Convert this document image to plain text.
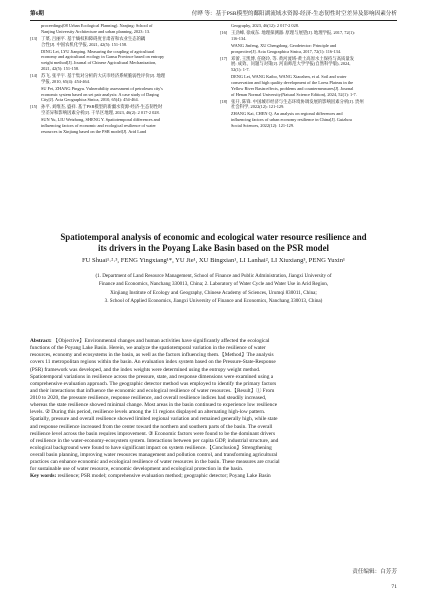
第6期	付晔 等：基于PSR模型的鄱阳湖流域水资源-经济-生态韧性时空差异及影响因素分析
proceedings(08 Urban Ecological Planning). Nanjing: School of
Nanjing University Architecture and urban planning, 2023: 13.
[13] 丁菜, 吕丽平. 基于熵权和障碍度甘肃省和农业生态的耦
合性[J]. 中国农机化学报, 2021, 42(5): 151-158.
DING Lei, LYU Jianping. Measuring the coupling of agricultural
economy and agricultural ecology in Gansu Province based on entropy
weight method[J]. Journal of Chinese Agricultural Mechanization,
2021, 42(5): 151-158.
[14] 苏飞, 张平宇. 基于集对分析的大庆市经济系统脆弱性评价[J]. 地理
学报, 2010, 65(4): 454-464.
SU Fei, ZHANG Pingyu. Vulnerability assessment of petroleum city's
economic system based on set pair analysis: A case study of Daqing
City[J]. Acta Geographica Sinica, 2010, 65(4): 454-464.
[15] 孙平, 刘维杰, 盛祥. 基于PSR模型的新疆水资源-经济-生态韧性时
空差异和影响因素分析[J]. 干旱区地理, 2023, 46(2): 2 017-2 028.
SUN Yu, LIU Weizhong, SHENG Y. Spatiotemporal differences and
influencing factors of economic and ecological resilience of water
resources in Xinjiang based on the PSR model[J]. Arid Land
Geography, 2023, 46(12): 2 017-2 028.
[16] 王劲峰, 徐成东. 地理探测器: 原理与展望[J]. 地理学报, 2017, 72(1):
116-134.
WANG Jinfeng, XU Chengdong. Geodetector: Principle and
prospective[J]. Acta Geographica Sinica, 2017, 72(1): 116-134.
[17] 邓蕾, 王凯博, 任晓玲, 等. 黄河流域-黄土高原水土保持与高质量发
展: 成效、问题与对策[J]. 河南师范大学学报(自然科学版), 2024,
52(1): 1-7.
DENG Lei, WANG Kaibo, WANG Xiaozhen, et al. Soil and water
conservation and high quality development of the Loess Plateau in the
Yellow River Basin:effects, problems and countermeasures[J]. Journal
of Henan Normal University(Natural Science Edition), 2024, 52(1): 1-7.
[18] 张开, 陈锋. 中国城市经济与生态环境协调发展的影响因素分析[J]. 贵州
社会科学, 2022(12): 121-129.
ZHANG Kai, CHEN Q. An analysis on regional differences and
influencing factors of urban economy resilience in China[J]. Guizhou
Social Sciences, 2022(12): 121-129.
Spatiotemporal analysis of economic and ecological water resource resilience and
its drivers in the Poyang Lake Basin based on the PSR model
FU Shuai¹˒²˒³, FENG Yingxiang¹*, YU Jie¹, XU Bingxian¹, LI Lanhai², LI Xiuxiang³, PENG Yuxin¹
(1. Department of Land Resource Management, School of Finance and Public Administration, Jiangxi University of
Finance and Economics, Nanchang 330013, China; 2. Laboratory of Water Cycle and Water Use in Arid Region,
Xinjiang Institute of Ecology and Geography, Chinese Academy of Sciences, Urumqi 830011, China;
3. School of Applied Economics, Jiangxi University of Finance and Economics, Nanchang 330013, China)
Abstract: 【Objective】Environmental changes and human activities have significantly affected the ecological
functions of the Poyang Lake Basin. Herein, we analyze the spatiotemporal variation in the resilience of water
resources, economy and ecosystems in the basin, as well as the factors influencing them.【Method】The analysis
covers 11 metropolitan regions within the basin. An evaluation index system based on the Pressure-State-Response
(PSR) framework was developed, and the index weights were determined using the entropy weight method.
Spatiotemporal variations in resilience across the pressure, state, and response dimensions were examined using a
comprehensive evaluation approach. The geographic detector method was employed to identify the primary factors
and their interactions that influence the economic and ecological resilience of water resources.【Result】① From
2010 to 2020, the pressure resilience, response resilience, and overall resilience indices had steadily increased,
whereas the state resilience showed minimal change. Most areas in the basin continued to experience low resilience
levels. ② During this period, resilience levels among the 11 regions displayed an alternating high-low pattern.
Spatially, pressure and overall resilience showed limited regional variation and remained generally high, while state
and response resilience increased from the center toward the northern and southern parts of the basin. The overall
resilience level across the basin requires improvement. ③ Economic factors were found to be the dominant drivers
of resilience in the water-economy-ecosystem system. Interactions between per capita GDP, industrial structure, and
ecological background were found to have significant impact on system resilience.【Conclusion】Strengthening
overall basin planning, improving water resources management and pollution control, and transforming agricultural
practices can enhance economic and ecological resilience of water resources in the basin. These measures are crucial
for sustainable use of water resource, economic development and ecological protection in the basin.
Key words: resilience; PSR model; comprehensive evaluation method; geographic detector; Poyang Lake Basin
责任编辑：白芳芳
71
